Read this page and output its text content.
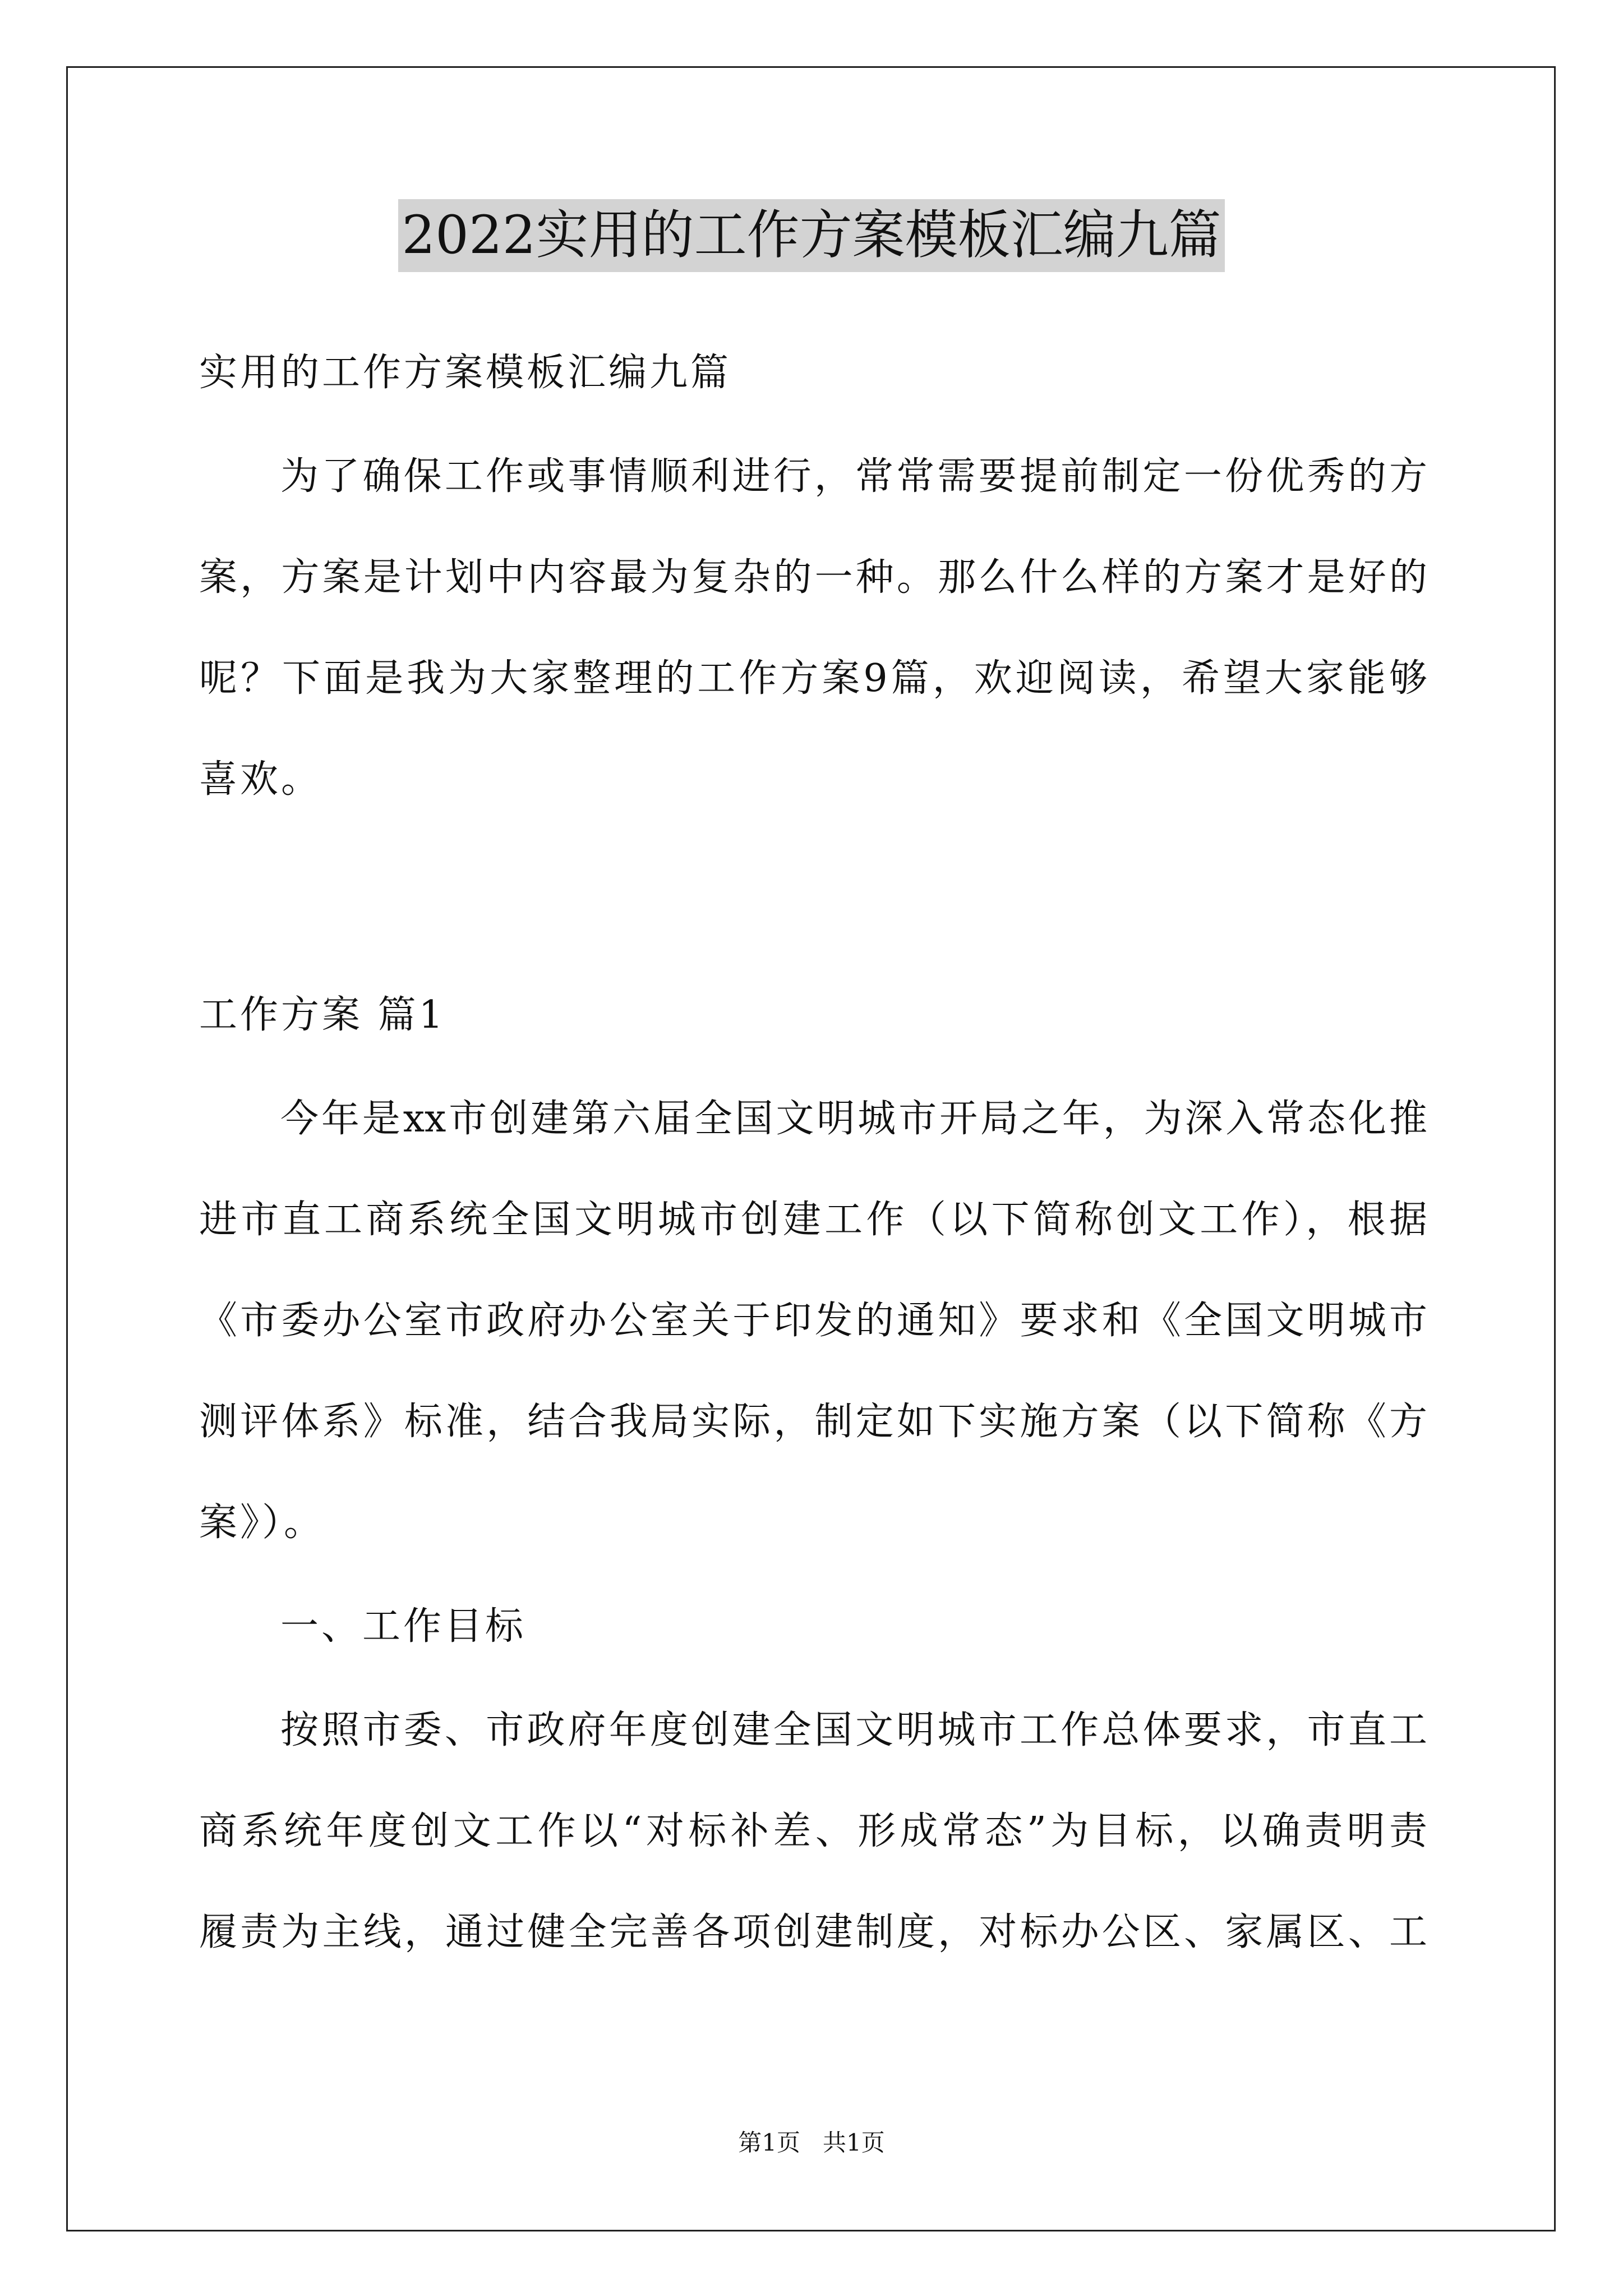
2022实用的工作方案模板汇编九篇
实用的工作方案模板汇编九篇
为了确保工作或事情顺利进行，常常需要提前制定一份优秀的方
案，方案是计划中内容最为复杂的一种。那么什么样的方案才是好的
呢？下面是我为大家整理的工作方案9篇，欢迎阅读，希望大家能够
喜欢。
工作方案 篇1
今年是xx市创建第六届全国文明城市开局之年，为深入常态化推
进市直工商系统全国文明城市创建工作（以下简称创文工作），根据
《市委办公室市政府办公室关于印发的通知》要求和《全国文明城市
测评体系》标准，结合我局实际，制定如下实施方案（以下简称《方
案》）。
一、工作目标
按照市委、市政府年度创建全国文明城市工作总体要求，市直工
商系统年度创文工作以“对标补差、形成常态”为目标，以确责明责
履责为主线，通过健全完善各项创建制度，对标办公区、家属区、工
第1页   共1页
